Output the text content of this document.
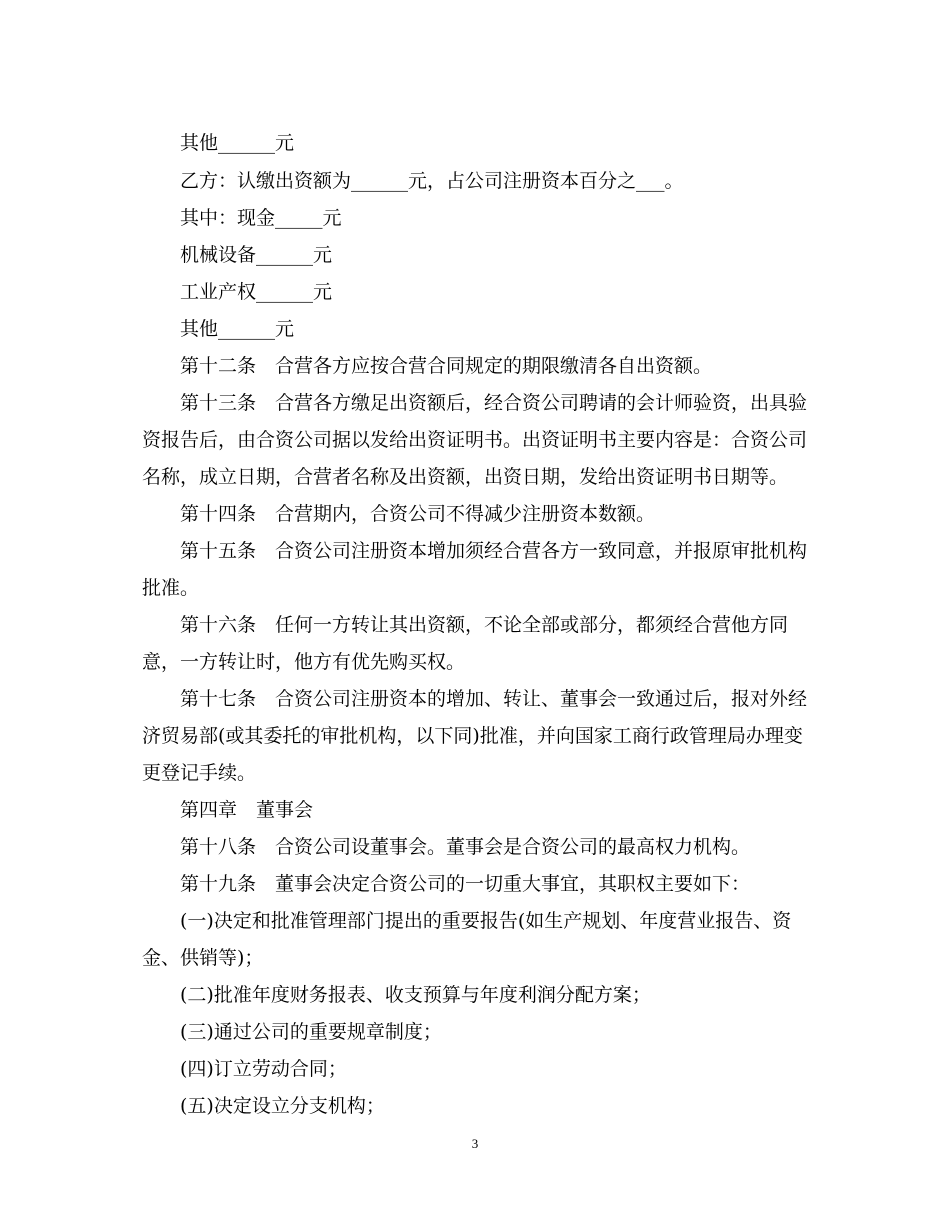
其他______元
乙方：认缴出资额为______元，占公司注册资本百分之___。
其中：现金_____元
机械设备______元
工业产权______元
其他______元
第十二条　合营各方应按合营合同规定的期限缴清各自出资额。
第十三条　合营各方缴足出资额后，经合资公司聘请的会计师验资，出具验
资报告后，由合资公司据以发给出资证明书。出资证明书主要内容是：合资公司
名称，成立日期，合营者名称及出资额，出资日期，发给出资证明书日期等。
第十四条　合营期内，合资公司不得减少注册资本数额。
第十五条　合资公司注册资本增加须经合营各方一致同意，并报原审批机构
批准。
第十六条　任何一方转让其出资额，不论全部或部分，都须经合营他方同
意，一方转让时，他方有优先购买权。
第十七条　合资公司注册资本的增加、转让、董事会一致通过后，报对外经
济贸易部(或其委托的审批机构，以下同)批准，并向国家工商行政管理局办理变
更登记手续。
第四章　董事会
第十八条　合资公司设董事会。董事会是合资公司的最高权力机构。
第十九条　董事会决定合资公司的一切重大事宜，其职权主要如下：
(一)决定和批准管理部门提出的重要报告(如生产规划、年度营业报告、资
金、供销等)；
(二)批准年度财务报表、收支预算与年度利润分配方案；
(三)通过公司的重要规章制度；
(四)订立劳动合同；
(五)决定设立分支机构；
3
